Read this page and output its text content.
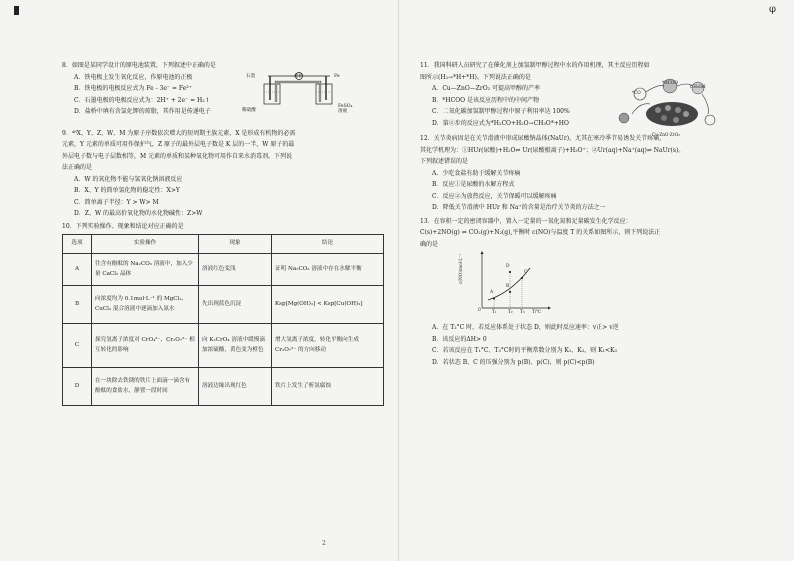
φ
8．如图是某同学设计的原电池装置，下列叙述中正确的是
A．铁电极上发生氧化反应，作原电池的正极
B．铁电极的电极反应式为 Fe - 3e⁻ = Fe³⁺
C．石墨电极的电极反应式为：2H⁺ + 2e⁻ = H₂↑
D．盐桥中填有含氯化钾的琼脂，其作用是传递电子
石墨	盐桥	Fe
稀硫酸
FeSO₄溶液
9．⁴⁸X、Y、Z、W、M 为原子序数依次增大的短周期主族元素，X 是形成有机物的必需
元素，Y 元素的单质可用作保护气，Z 原子的最外层电子数是 K 层的一半，W 原子的最
外层电子数与电子层数相等，M 元素的单质和某种氧化物可用作自来水消毒剂。下列说
法正确的是
A．W 的氧化物不能与氢氧化钠溶液反应
B．X、Y 的简单氢化物的稳定性：X>Y
C．简单离子半径：Y > W> M
D．Z、W 的最高价氧化物的水化物碱性：Z>W
10．下列实验操作、现象和结论对应正确的是
选项	实验操作	现象	结论
A	往含有酚酞的 Na₂CO₃ 溶液中，加入少量 CaCl₂ 晶体	溶液红色变浅	证明 Na₂CO₃ 溶液中存在水解平衡
B	向浓度均为 0.1mol·L⁻¹ 的 MgCl₂、CuCl₂ 混合溶液中逐滴加入氨水	先出现蓝色沉淀	Ksp[Mg(OH)₂] < Ksp[Cu(OH)₂]
C	探究氢离子浓度对 CrO₄²⁻、Cr₂O₇²⁻ 相互转化的影响	向 K₂CrO₄ 溶液中缓慢滴加浓硫酸，黄色变为橙色	增大氢离子浓度，转化平衡向生成 Cr₂O₇²⁻ 的方向移动
D	在一块除去铁锈的铁片上面滴一滴含有酚酞的食盐水，静置一段时间	溶液边缘出现红色	铁片上发生了析氢腐蚀
11．我国科研人员研究了在催化剂上加氢制甲醇过程中水的作用机理，其主反应历程如
图所示(H₂→*H+*H)。下列说法正确的是
A．Cu—ZnO—ZrO₂ 可提高甲醇的产率
B．*HCOO 是该反应历程中的中间产物
C．二氧化碳加氢制甲醇过程中原子利用率达 100%
D．第④步的反应式为*H₂CO+H₂O→CH₃O*+HO
*HCOO
*CO
CH₃OH
Cu-ZnO-ZrO₂
12．关节炎病因是在关节滑液中形成尿酸钠晶体(NaUr)，尤其在寒冷季节易诱发关节疼痛，
其化学机理为：①HUr(尿酸)+H₂O⇌ Ur(尿酸根离子)+H₃O⁺；②Ur(aq)+Na⁺(aq)⇌ NaUr(s)。
下列叙述错误的是
A．少吃食盐有助于缓解关节疼痛
B．反应①是尿酸的水解方程式
C．反应②为放热反应，关节保暖可以缓解疼痛
D．降低关节滑液中 HUr 和 Na⁺的含量是治疗关节炎的方法之一
13．在容积一定的密闭容器中，置入一定量的一氧化氮和足量碳发生化学反应：
C(s)+2NO(g) ⇌ CO₂(g)+N₂(g),平衡时 c(NO)与温度 T 的关系如图所示，则下列说法正
确的是
c(NO)/mol·L⁻¹
0	T₁	T₂ T₃ T/℃
A
B
C
D
A．在 T₂°C 时，若反应体系处于状态 D，则此时反应速率：v正> v逆
B．该反应的ΔH> 0
C．若该反应在 T₁°C、T₃°C时的平衡常数分别为 K₁、K₃，则 K₁<K₃
D．若状态 B、C 的压强分别为 p(B)、p(C)，则 p(C)<p(B)
2
